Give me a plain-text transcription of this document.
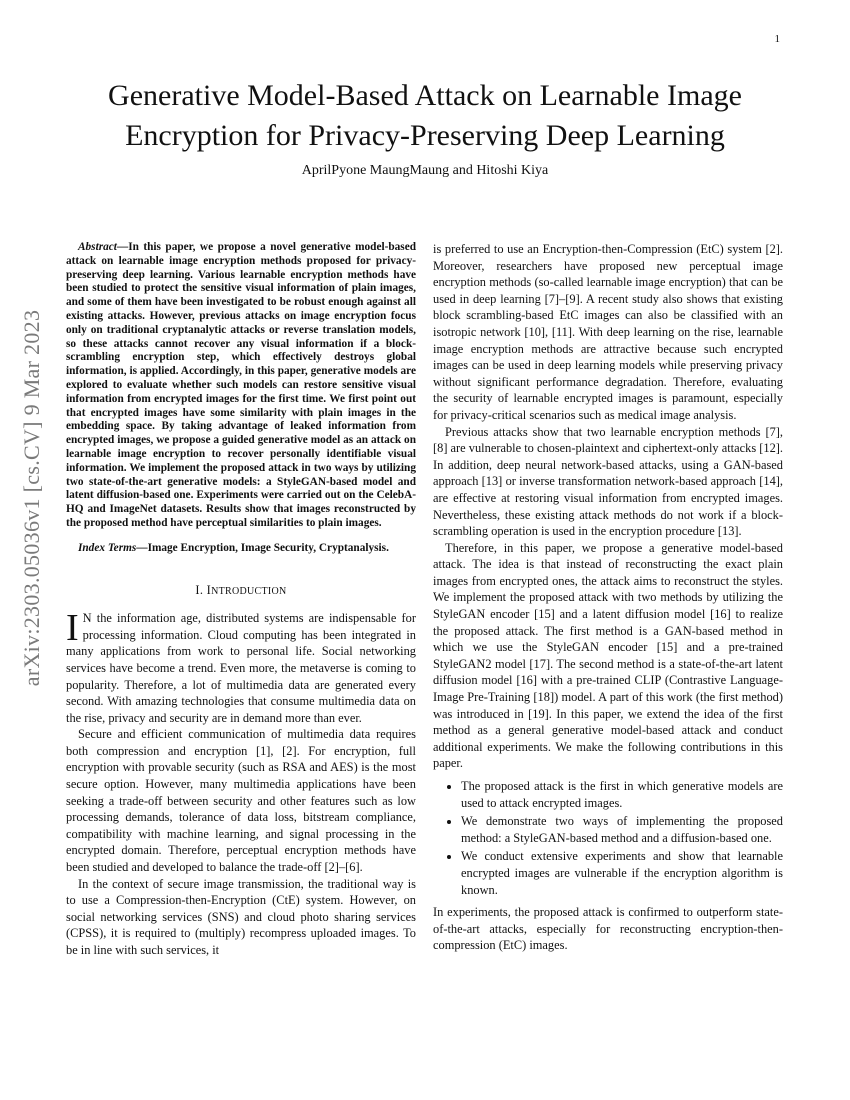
1
arXiv:2303.05036v1 [cs.CV] 9 Mar 2023
Generative Model-Based Attack on Learnable Image
Encryption for Privacy-Preserving Deep Learning

AprilPyone MaungMaung and Hitoshi Kiya

Abstract—In this paper, we propose a novel generative model-based attack on learnable image encryption methods proposed for privacy-preserving deep learning. Various learnable encryption methods have been studied to protect the sensitive visual information of plain images, and some of them have been investigated to be robust enough against all existing attacks. However, previous attacks on image encryption focus only on traditional cryptanalytic attacks or reverse translation models, so these attacks cannot recover any visual information if a block-scrambling encryption step, which effectively destroys global information, is applied. Accordingly, in this paper, generative models are explored to evaluate whether such models can restore sensitive visual information from encrypted images for the first time. We first point out that encrypted images have some similarity with plain images in the embedding space. By taking advantage of leaked information from encrypted images, we propose a guided generative model as an attack on learnable image encryption to recover personally identifiable visual information. We implement the proposed attack in two ways by utilizing two state-of-the-art generative models: a StyleGAN-based model and latent diffusion-based one. Experiments were carried out on the CelebA-HQ and ImageNet datasets. Results show that images reconstructed by the proposed method have perceptual similarities to plain images.

Index Terms—Image Encryption, Image Security, Cryptanalysis.

I. INTRODUCTION

I N the information age, distributed systems are indispensable for processing information. Cloud computing has been integrated in many applications from work to personal life. Social networking services have become a trend. Even more, the metaverse is coming to popularity. Therefore, a lot of multimedia data are generated every second. With amazing technologies that consume multimedia data on the rise, privacy and security are in demand more than ever.

Secure and efficient communication of multimedia data requires both compression and encryption [1], [2]. For encryption, full encryption with provable security (such as RSA and AES) is the most secure option. However, many multimedia applications have been seeking a trade-off between security and other features such as low processing demands, tolerance of data loss, bitstream compliance, compatibility with machine learning, and signal processing in the encrypted domain. Therefore, perceptual encryption methods have been studied and developed to balance the trade-off [2]–[6].

In the context of secure image transmission, the traditional way is to use a Compression-then-Encryption (CtE) system. However, on social networking services (SNS) and cloud photo sharing services (CPSS), it is required to (multiply) recompress uploaded images. To be in line with such services, it

is preferred to use an Encryption-then-Compression (EtC) system [2]. Moreover, researchers have proposed new perceptual image encryption methods (so-called learnable image encryption) that can be used in deep learning [7]–[9]. A recent study also shows that existing block scrambling-based EtC images can also be classified with an isotropic network [10], [11]. With deep learning on the rise, learnable image encryption methods are attractive because such encrypted images can be used in deep learning models while preserving privacy without significant performance degradation. Therefore, evaluating the security of learnable encrypted images is paramount, especially for privacy-critical scenarios such as medical image analysis.

Previous attacks show that two learnable encryption methods [7], [8] are vulnerable to chosen-plaintext and ciphertext-only attacks [12]. In addition, deep neural network-based attacks, using a GAN-based approach [13] or inverse transformation network-based approach [14], are effective at restoring visual information from encrypted images. Nevertheless, these existing attack methods do not work if a block-scrambling operation is used in the encryption procedure [13].

Therefore, in this paper, we propose a generative model-based attack. The idea is that instead of reconstructing the exact plain images from encrypted ones, the attack aims to reconstruct the styles. We implement the proposed attack with two methods by utilizing the StyleGAN encoder [15] and a latent diffusion model [16] to realize the proposed attack. The first method is a GAN-based method in which we use the StyleGAN encoder [15] and a pre-trained StyleGAN2 model [17]. The second method is a state-of-the-art latent diffusion model [16] with a pre-trained CLIP (Contrastive Language-Image Pre-Training [18]) model. A part of this work (the first method) was introduced in [19]. In this paper, we extend the idea of the first method as a general generative model-based attack and conduct additional experiments. We make the following contributions in this paper.

• The proposed attack is the first in which generative models are used to attack encrypted images.
• We demonstrate two ways of implementing the proposed method: a StyleGAN-based method and a diffusion-based one.
• We conduct extensive experiments and show that learnable encrypted images are vulnerable if the encryption algorithm is known.

In experiments, the proposed attack is confirmed to outperform state-of-the-art attacks, especially for reconstructing encryption-then-compression (EtC) images.
